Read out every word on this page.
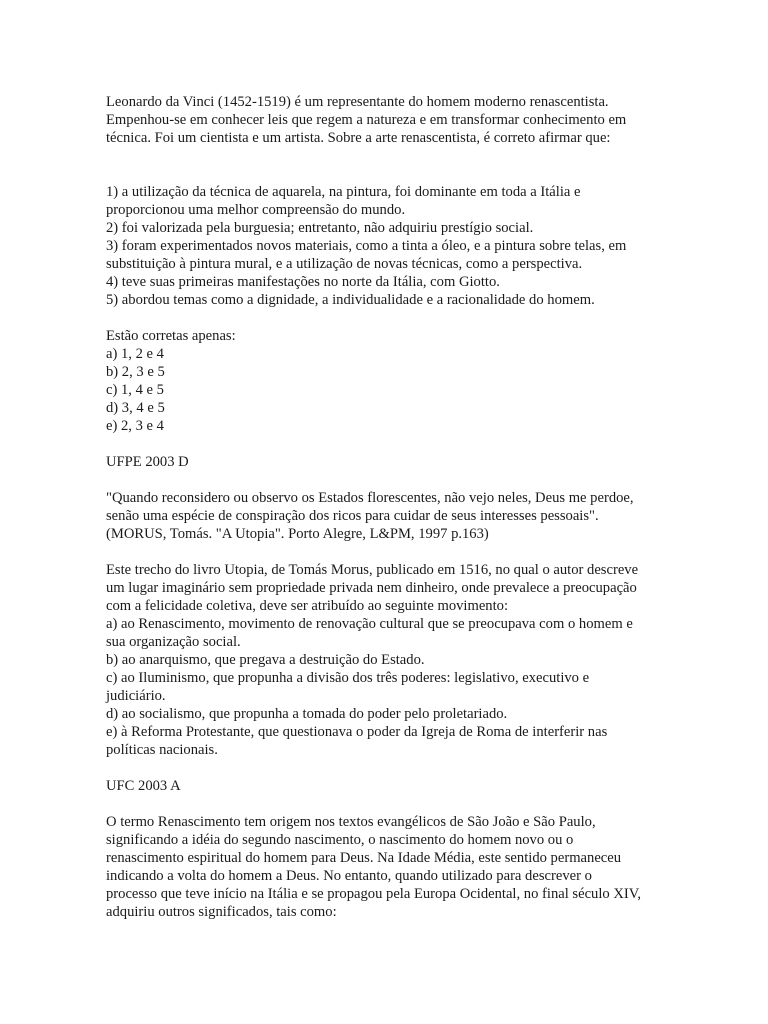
Leonardo da Vinci (1452-1519) é um representante do homem moderno renascentista.

Empenhou-se em conhecer leis que regem a natureza e em transformar conhecimento em

técnica. Foi um cientista e um artista. Sobre a arte renascentista, é correto afirmar que:

1) a utilização da técnica de aquarela, na pintura, foi dominante em toda a Itália e

proporcionou uma melhor compreensão do mundo.

2) foi valorizada pela burguesia; entretanto, não adquiriu prestígio social.

3) foram experimentados novos materiais, como a tinta a óleo, e a pintura sobre telas, em

substituição à pintura mural, e a utilização de novas técnicas, como a perspectiva.

4) teve suas primeiras manifestações no norte da Itália, com Giotto.

5) abordou temas como a dignidade, a individualidade e a racionalidade do homem.

Estão corretas apenas:

a) 1, 2 e 4

b) 2, 3 e 5

c) 1, 4 e 5

d) 3, 4 e 5

e) 2, 3 e 4

UFPE 2003 D

"Quando reconsidero ou observo os Estados florescentes, não vejo neles, Deus me perdoe,

senão uma espécie de conspiração dos ricos para cuidar de seus interesses pessoais".

(MORUS, Tomás. "A Utopia". Porto Alegre, L&PM, 1997 p.163)

Este trecho do livro Utopia, de Tomás Morus, publicado em 1516, no qual o autor descreve

um lugar imaginário sem propriedade privada nem dinheiro, onde prevalece a preocupação

com a felicidade coletiva, deve ser atribuído ao seguinte movimento:

a) ao Renascimento, movimento de renovação cultural que se preocupava com o homem e

sua organização social.

b) ao anarquismo, que pregava a destruição do Estado.

c) ao Iluminismo, que propunha a divisão dos três poderes: legislativo, executivo e

judiciário.

d) ao socialismo, que propunha a tomada do poder pelo proletariado.

e) à Reforma Protestante, que questionava o poder da Igreja de Roma de interferir nas

políticas nacionais.

UFC 2003 A

O termo Renascimento tem origem nos textos evangélicos de São João e São Paulo,

significando a idéia do segundo nascimento, o nascimento do homem novo ou o

renascimento espiritual do homem para Deus. Na Idade Média, este sentido permaneceu

indicando a volta do homem a Deus. No entanto, quando utilizado para descrever o

processo que teve início na Itália e se propagou pela Europa Ocidental, no final século XIV,

adquiriu outros significados, tais como:
